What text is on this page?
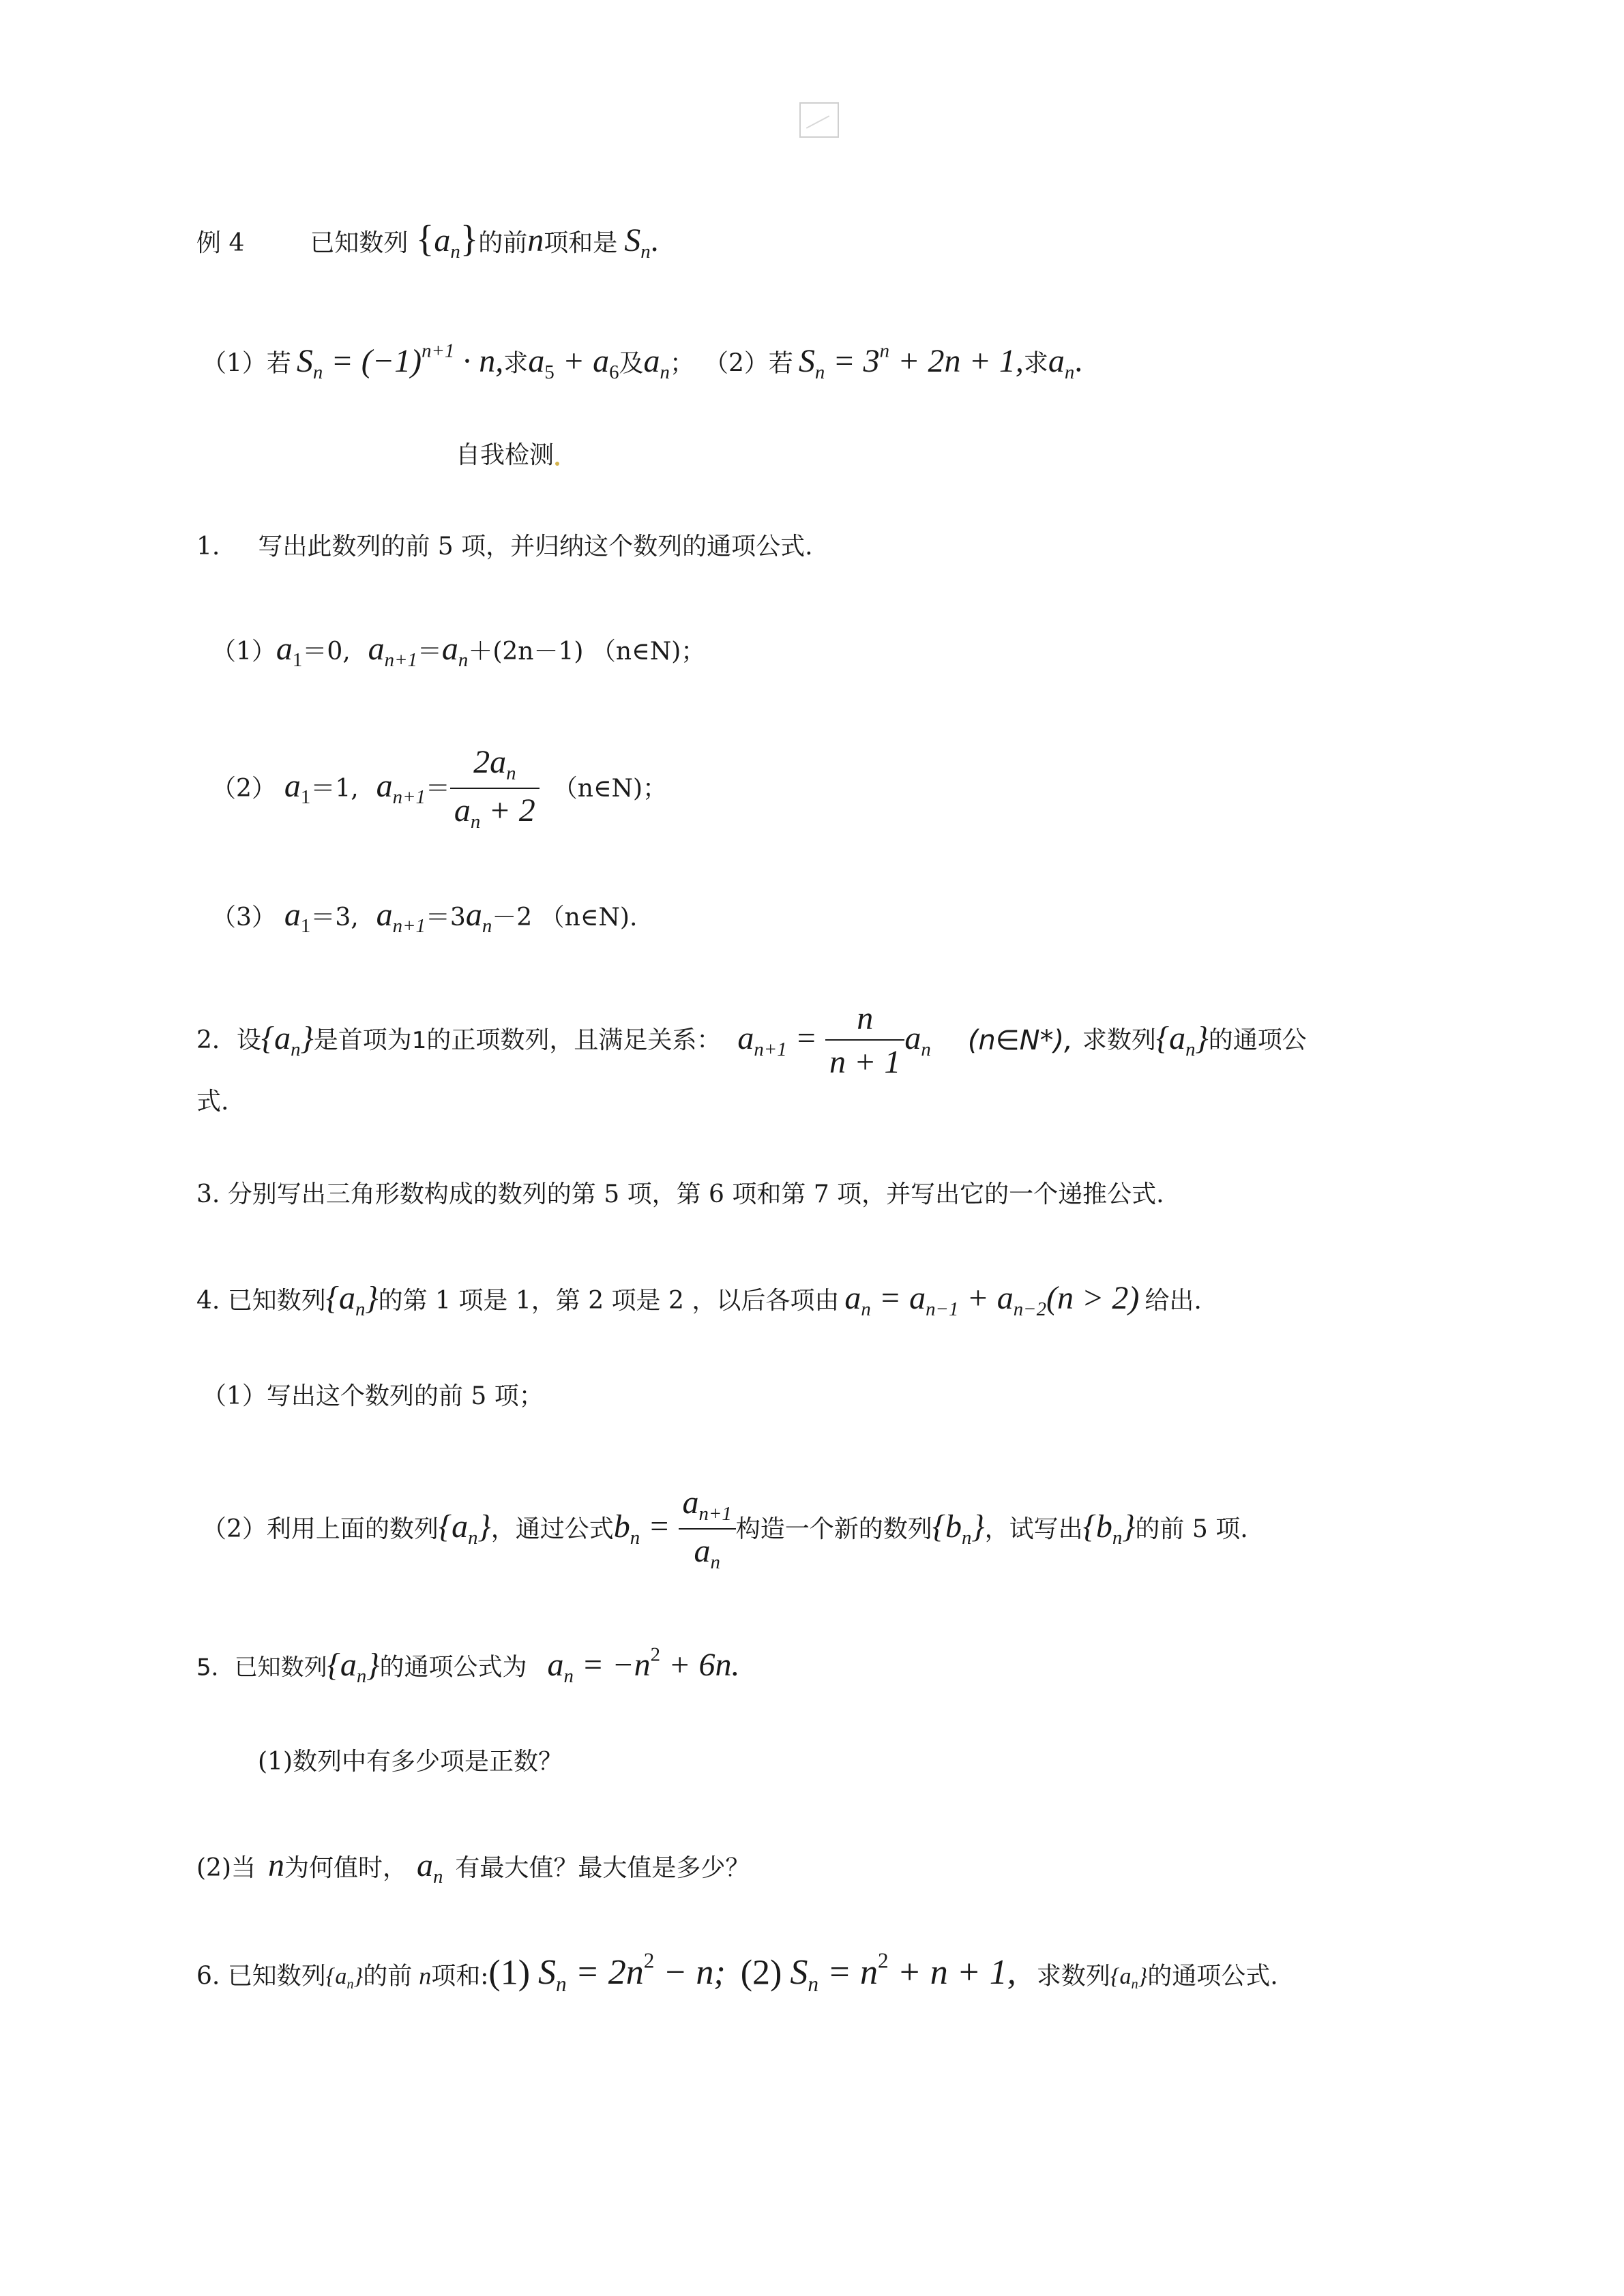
例 4	已知数列 $\{a_n\}$的前n项和是 $S_n$.
（1）若 $S_n = (-1)^{n+1} \cdot n$,求$a_5 + a_6$及$a_n$； （2）若 $S_n = 3^n + 2n + 1$,求$a_n$.
自我检测
1. 写出此数列的前 5 项，并归纳这个数列的通项公式.
$(1)a_1=0$, $a_{n+1}=a_n+(2n-1)$ （n∈N)；
（2） $a_1=1$, $a_{n+1}= \frac{2a_n}{a_n + 2}$ （n∈N)；
（3） $a_1=3$, $a_{n+1}=3a_n-2$ （n∈N).
2．设$\{a_n\}$是首项为1的正项数列，且满足关系： $a_{n+1} = \frac{n}{n + 1} a_n$ (n∈N*), 求数列$\{a_n\}$的通项公
式.
3. 分别写出三角形数构成的数列的第 5 项，第 6 项和第 7 项，并写出它的一个递推公式.
4. 已知数列$\{a_n\}$的第 1 项是 1，第 2 项是 2 ，以后各项由 $a_n = a_{n-1} + a_{n-2}(n > 2)$ 给出.
（1）写出这个数列的前 5 项；
（2）利用上面的数列$\{a_n\}$，通过公式$b_n = \frac{a_{n+1}}{a_n}$ 构造一个新的数列$\{b_n\}$，试写出$\{b_n\}$的前 5 项.
5．已知数列$\{a_n\}$的通项公式为 $a_n = -n^2 + 6n$.
(1)数列中有多少项是正数？
(2)当 n为何值时， $a_n$ 有最大值？最大值是多少？
6. 已知数列$\{a_n\}$的前 n项和:(1) $S_n = 2n^2 - n$; (2) $S_n = n^2 + n + 1$, 求数列$\{a_n\}$的通项公式.
